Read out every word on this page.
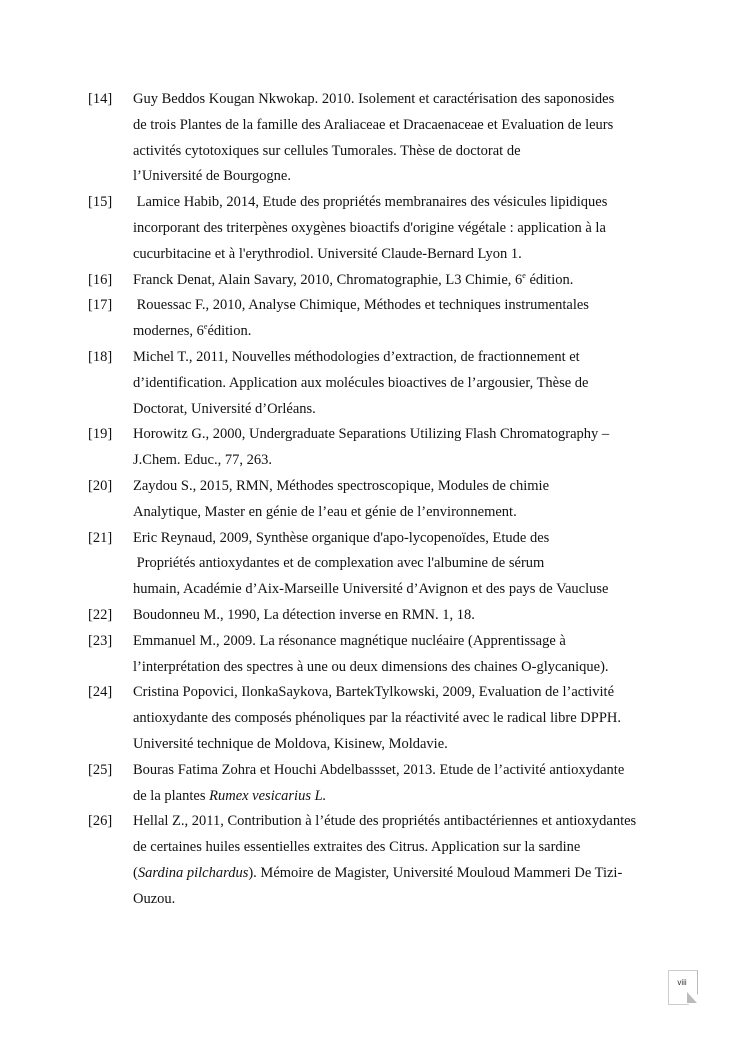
[14]	Guy Beddos Kougan Nkwokap. 2010. Isolement et caractérisation des saponosides
de trois Plantes de la famille des Araliaceae et Dracaenaceae et Evaluation de leurs
activités cytotoxiques sur cellules Tumorales. Thèse de doctorat de
l’Université de Bourgogne.
[15]	Lamice Habib, 2014, Etude des propriétés membranaires des vésicules lipidiques
incorporant des triterpènes oxygènes bioactifs d'origine végétale : application à la
cucurbitacine et à l'erythrodiol. Université Claude-Bernard Lyon 1.
[16]	Franck Denat, Alain Savary, 2010, Chromatographie, L3 Chimie, 6e édition.
[17]	Rouessac F., 2010, Analyse Chimique, Méthodes et techniques instrumentales
modernes, 6eédition.
[18]	Michel T., 2011, Nouvelles méthodologies d’extraction, de fractionnement et
d’identification. Application aux molécules bioactives de l’argousier, Thèse de
Doctorat, Université d’Orléans.
[19]	Horowitz G., 2000, Undergraduate Separations Utilizing Flash Chromatography –
J.Chem. Educ., 77, 263.
[20]	Zaydou S., 2015, RMN, Méthodes spectroscopique, Modules de chimie
Analytique, Master en génie de l’eau et génie de l’environnement.
[21]	Eric Reynaud, 2009, Synthèse organique d'apo-lycopenoïdes, Etude des
Propriétés antioxydantes et de complexation avec l'albumine de sérum
humain, Académie d’Aix-Marseille Université d’Avignon et des pays de Vaucluse
[22]	Boudonneu M., 1990, La détection inverse en RMN. 1, 18.
[23]	Emmanuel M., 2009. La résonance magnétique nucléaire (Apprentissage à
l’interprétation des spectres à une ou deux dimensions des chaines O-glycanique).
[24]	Cristina Popovici, IlonkaSaykova, BartekTylkowski, 2009, Evaluation de l’activité
antioxydante des composés phénoliques par la réactivité avec le radical libre DPPH.
Université technique de Moldova, Kisinew, Moldavie.
[25]	Bouras Fatima Zohra et Houchi Abdelbassset, 2013. Etude de l’activité antioxydante
de la plantes Rumex vesicarius L.
[26]	Hellal Z., 2011, Contribution à l’étude des propriétés antibactériennes et antioxydantes
de certaines huiles essentielles extraites des Citrus. Application sur la sardine
(Sardina pilchardus). Mémoire de Magister, Université Mouloud Mammeri De Tizi-
Ouzou.
viii
